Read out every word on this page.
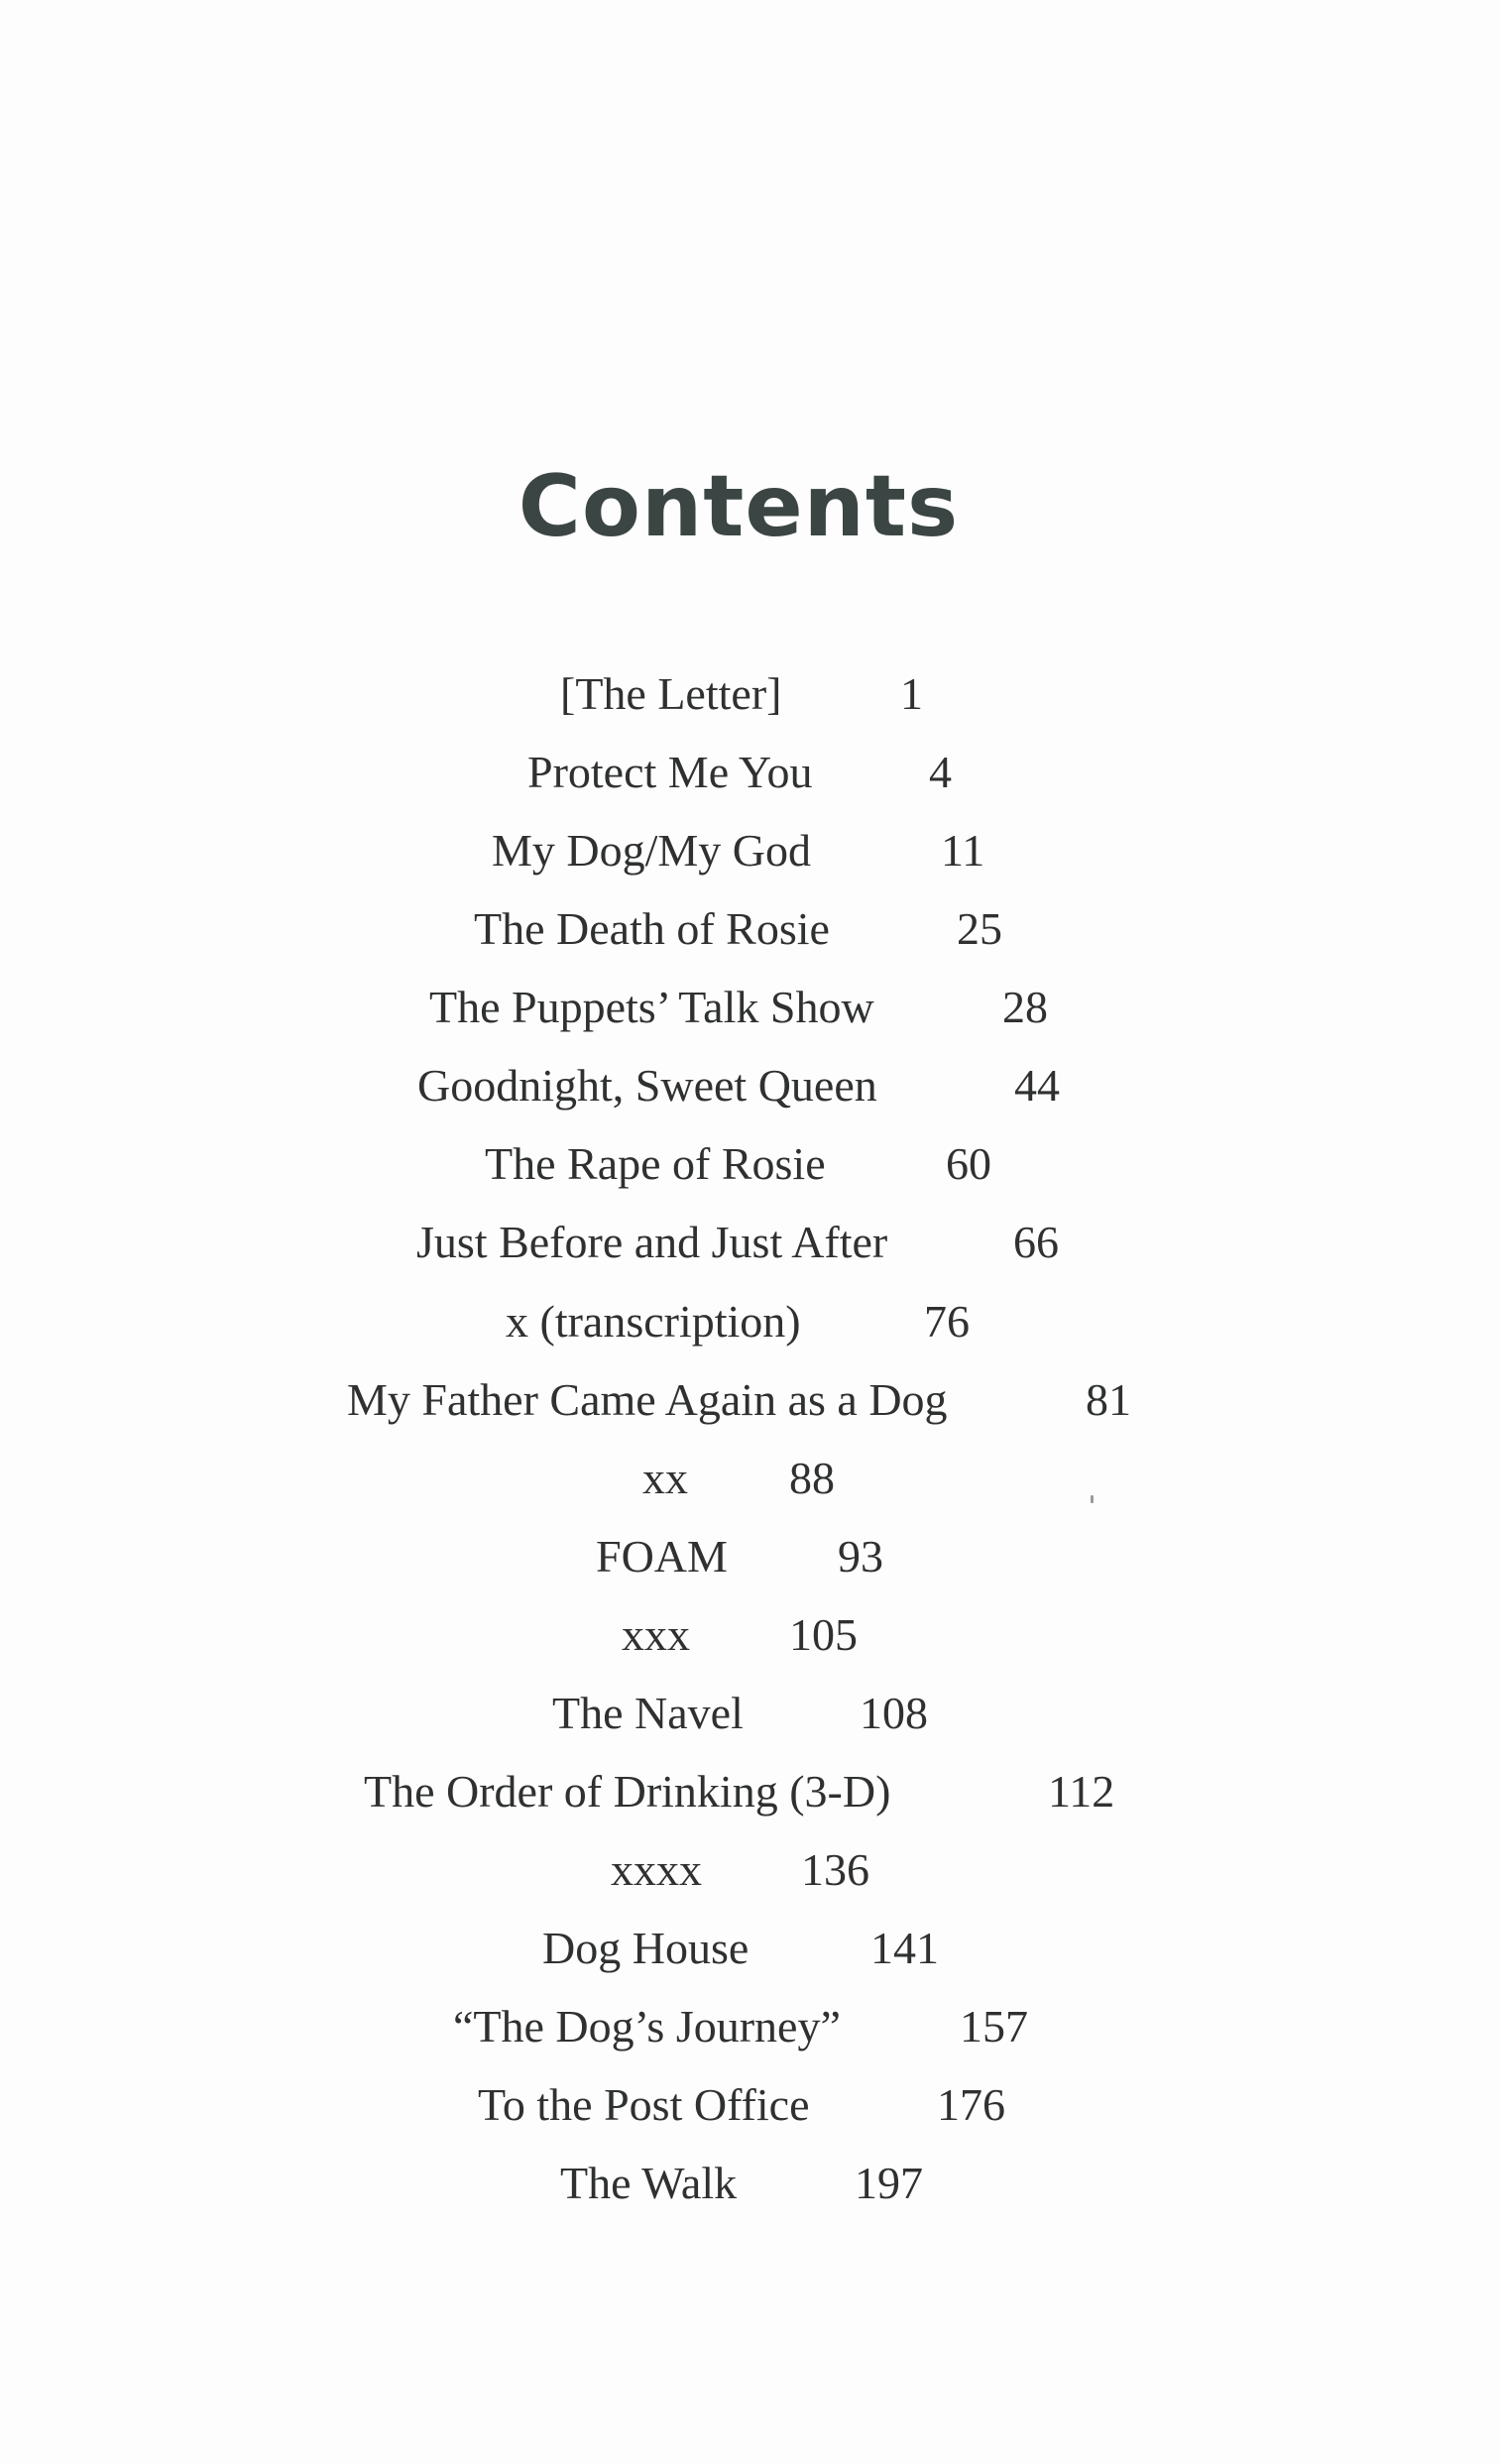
Contents
[The Letter]	1
Protect Me You	4
My Dog/My God	11
The Death of Rosie	25
The Puppets’ Talk Show	28
Goodnight, Sweet Queen	44
The Rape of Rosie	60
Just Before and Just After	66
x (transcription)	76
My Father Came Again as a Dog	81
xx 88
FOAM 93
xxx 105
The Navel	108
The Order of Drinking (3-D)	112
xxxx 136
Dog House	141
“The Dog’s Journey”	157
To the Post Office	176
The Walk	197
